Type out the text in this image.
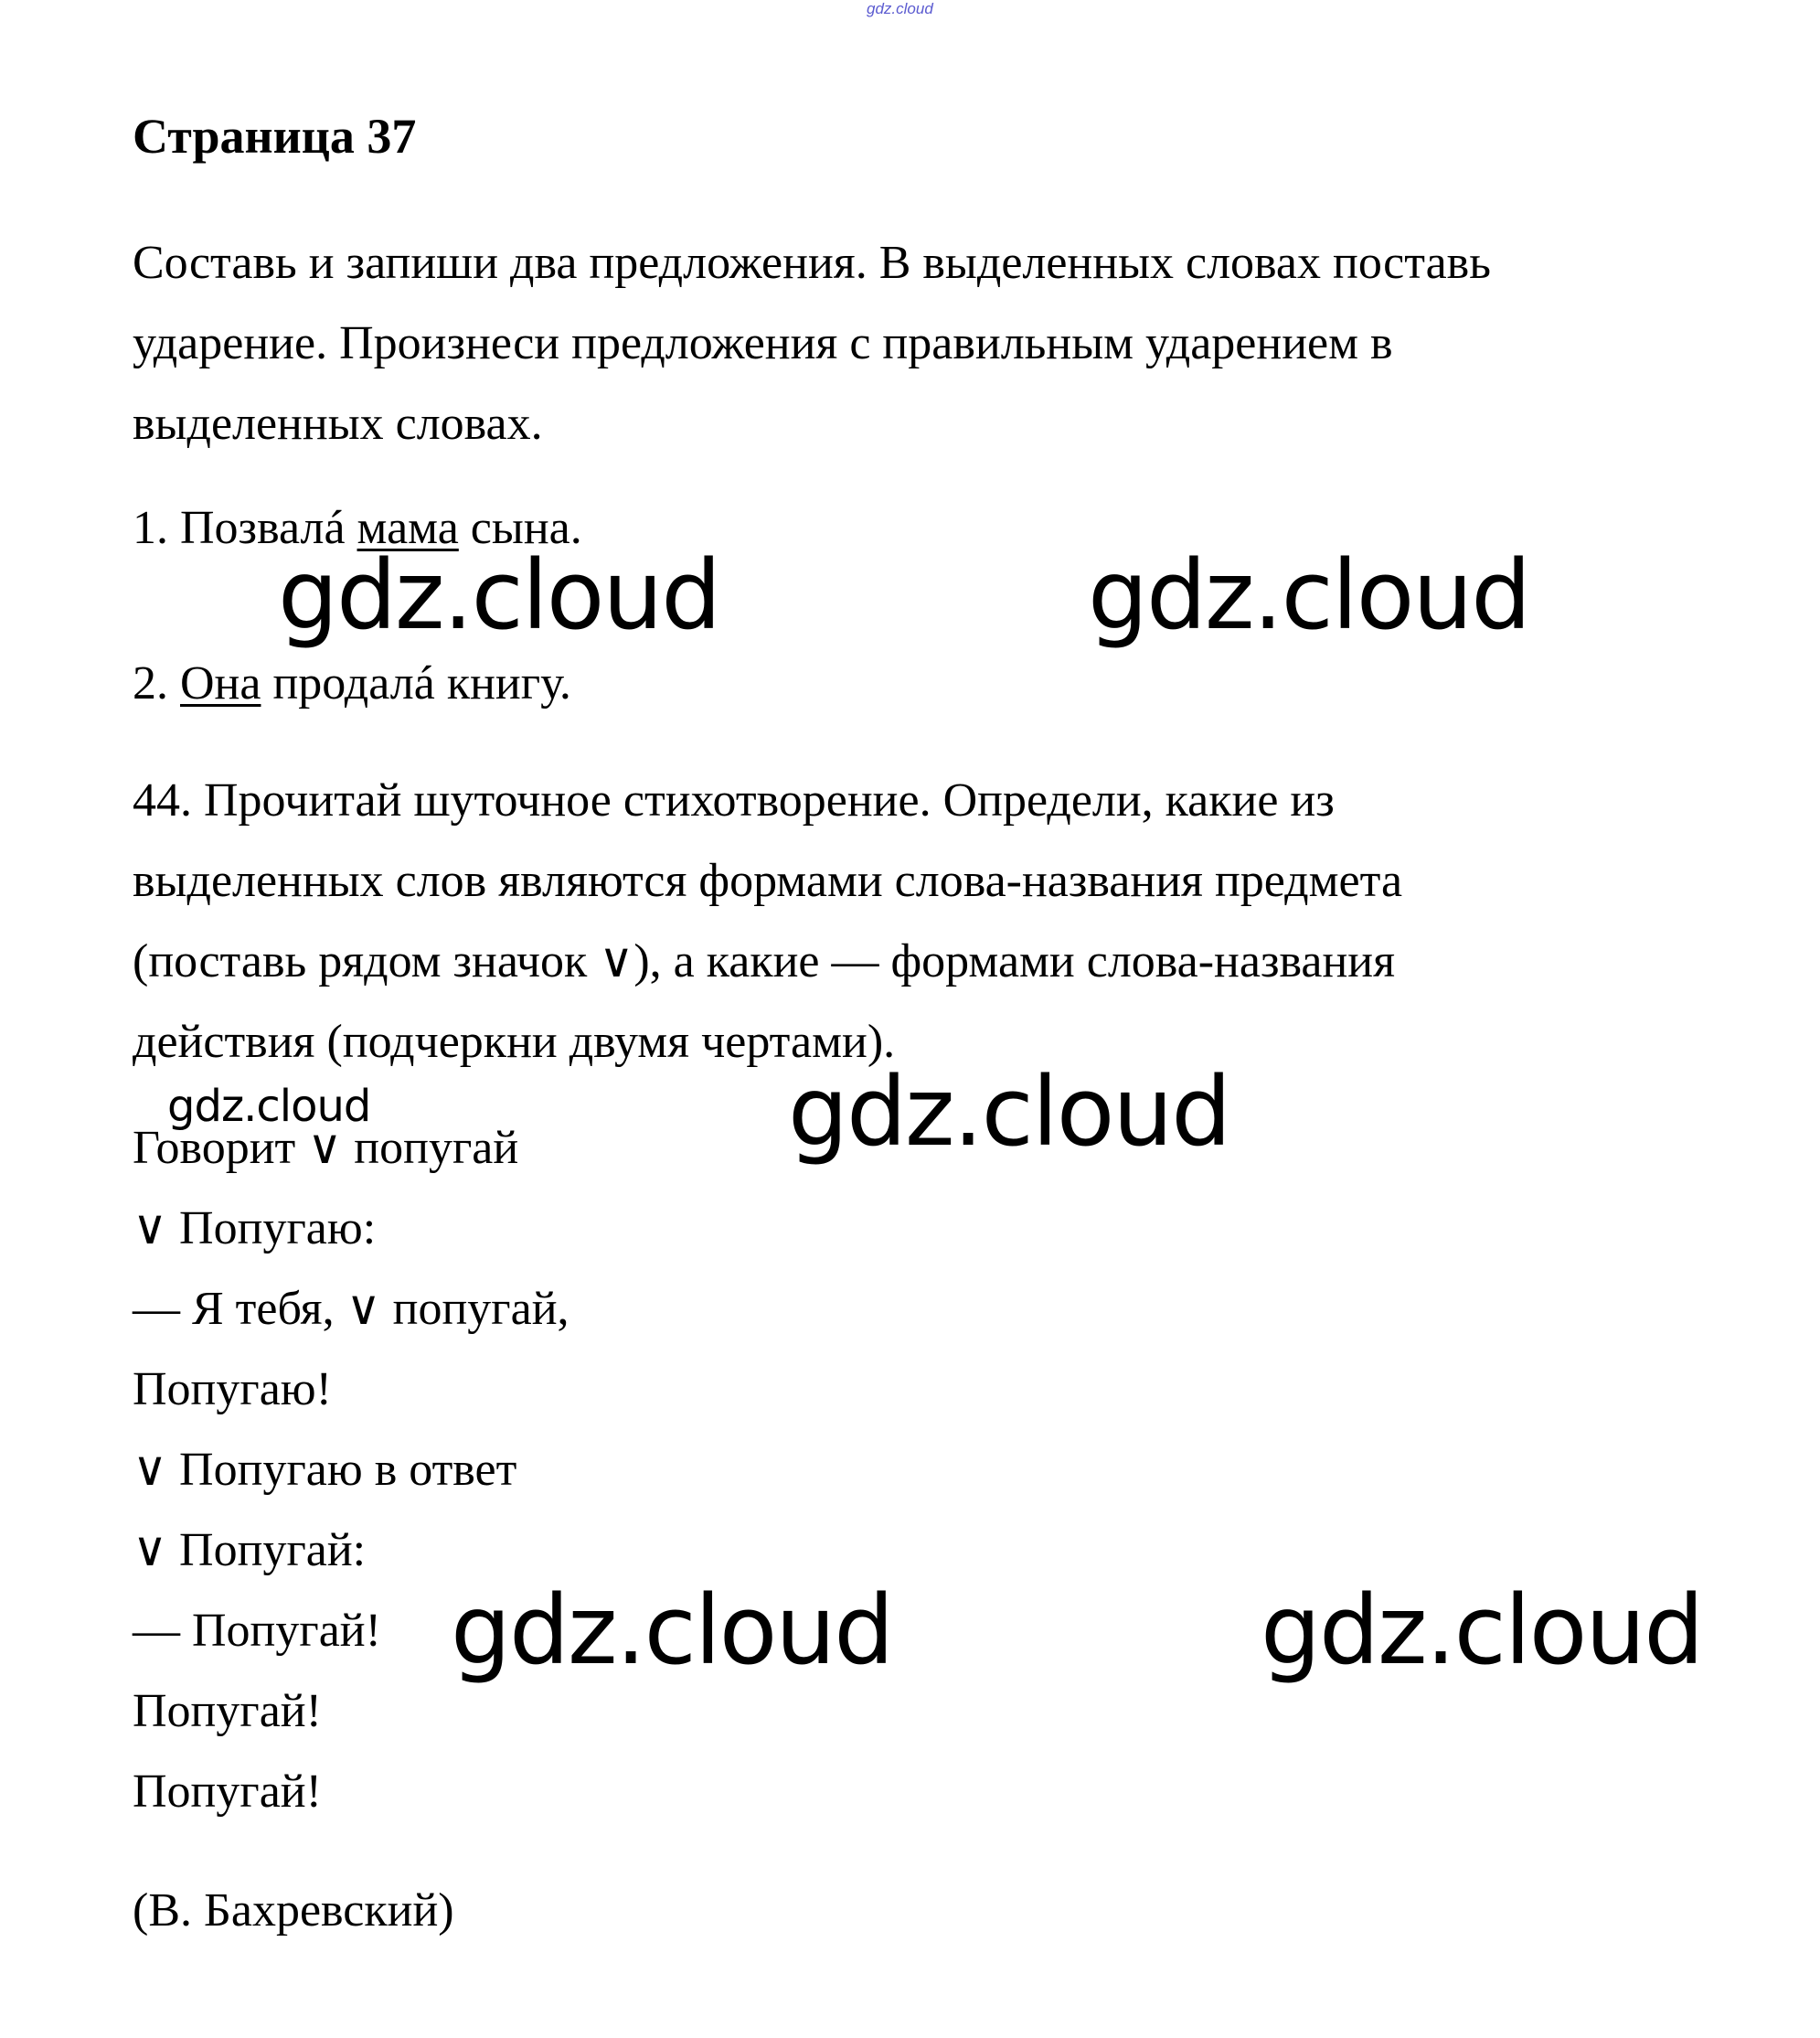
gdz.cloud
Страница 37
Составь и запиши два предложения. В выделенных словах поставь
ударение. Произнеси предложения с правильным ударением в
выделенных словах.
1. Позвалá мама сына.
2. Она продалá книгу.
44. Прочитай шуточное стихотворение. Определи, какие из
выделенных слов являются формами слова-названия предмета
(поставь рядом значок ∨), а какие — формами слова-названия
действия (подчеркни двумя чертами).
Говорит ∨ попугай
∨ Попугаю:
— Я тебя, ∨ попугай,
Попугаю!
∨ Попугаю в ответ
∨ Попугай:
— Попугай!
Попугай!
Попугай!
(В. Бахревский)
gdz.cloud	gdz.cloud
gdz.cloud	gdz.cloud
gdz.cloud	gdz.cloud
